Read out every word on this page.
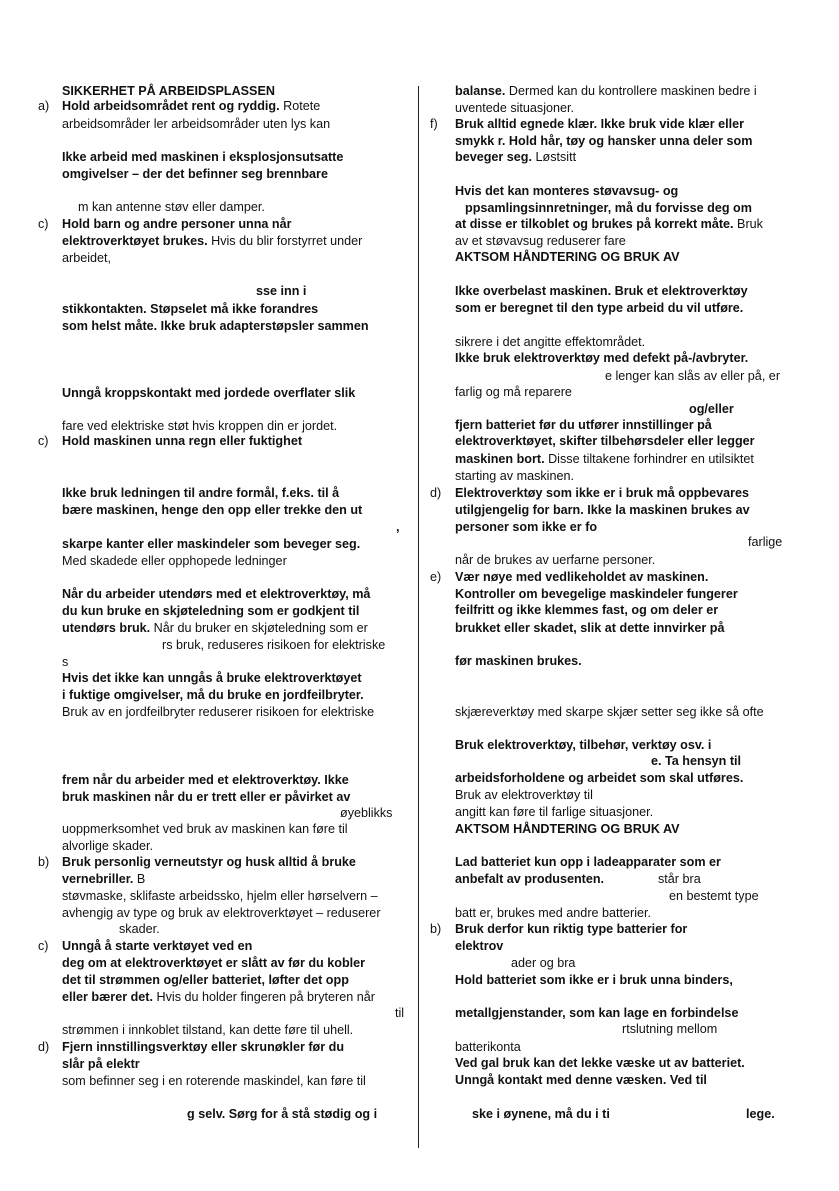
SIKKERHET PÅ ARBEIDSPLASSEN
a) Hold arbeidsområdet rent og ryddig. Rotete
arbeidsområder ler arbeidsområder uten lys kan
Ikke arbeid med maskinen i eksplosjonsutsatte
omgivelser – der det befinner seg brennbare
m kan antenne støv eller damper.
c) Hold barn og andre personer unna når
elektroverktøyet brukes. Hvis du blir forstyrret under
arbeidet,
sse inn i
stikkontakten. Støpselet må ikke forandres
som helst måte. Ikke bruk adapterstøpsler sammen
Unngå kroppskontakt med jordede overflater slik
fare ved elektriske støt hvis kroppen din er jordet.
c) Hold maskinen unna regn eller fuktighet
Ikke bruk ledningen til andre formål, f.eks. til å
bære maskinen, henge den opp eller trekke den ut
,
skarpe kanter eller maskindeler som beveger seg.
Med skadede eller opphopede ledninger
Når du arbeider utendørs med et elektroverktøy, må
du kun bruke en skjøteledning som er godkjent til
utendørs bruk. Når du bruker en skjøteledning som er
rs bruk, reduseres risikoen for elektriske
s
Hvis det ikke kan unngås å bruke elektroverktøyet
i fuktige omgivelser, må du bruke en jordfeilbryter.
Bruk av en jordfeilbryter reduserer risikoen for elektriske
frem når du arbeider med et elektroverktøy. Ikke
bruk maskinen når du er trett eller er påvirket av
øyeblikks
uoppmerksomhet ved bruk av maskinen kan føre til
alvorlige skader.
b) Bruk personlig verneutstyr og husk alltid å bruke
vernebriller. B
støvmaske, sklifaste arbeidssko, hjelm eller hørselvern –
avhengig av type og bruk av elektroverktøyet – reduserer
skader.
c) Unngå å starte verktøyet ved en
deg om at elektroverktøyet er slått av før du kobler
det til strømmen og/eller batteriet, løfter det opp
eller bærer det. Hvis du holder fingeren på bryteren når
til
strømmen i innkoblet tilstand, kan dette føre til uhell.
d) Fjern innstillingsverktøy eller skrunøkler før du
slår på elektr
som befinner seg i en roterende maskindel, kan føre til
g selv. Sørg for å stå stødig og i
balanse. Dermed kan du kontrollere maskinen bedre i
uventede situasjoner.
f) Bruk alltid egnede klær. Ikke bruk vide klær eller
smykk r. Hold hår, tøy og hansker unna deler som
beveger seg. Løstsitt
Hvis det kan monteres støvavsug- og
ppsamlingsinnretninger, må du forvisse deg om
at disse er tilkoblet og brukes på korrekt måte. Bruk
av et støvavsug reduserer fare
AKTSOM HÅNDTERING OG BRUK AV
Ikke overbelast maskinen. Bruk et elektroverktøy
som er beregnet til den type arbeid du vil utføre.
sikrere i det angitte effektområdet.
Ikke bruk elektroverktøy med defekt på-/avbryter.
e lenger kan slås av eller på, er
farlig og må reparere
og/eller
fjern batteriet før du utfører innstillinger på
elektroverktøyet, skifter tilbehørsdeler eller legger
maskinen bort. Disse tiltakene forhindrer en utilsiktet
starting av maskinen.
d) Elektroverktøy som ikke er i bruk må oppbevares
utilgjengelig for barn. Ikke la maskinen brukes av
personer som ikke er fo
farlige
når de brukes av uerfarne personer.
e) Vær nøye med vedlikeholdet av maskinen.
Kontroller om bevegelige maskindeler fungerer
feilfritt og ikke klemmes fast, og om deler er
brukket eller skadet, slik at dette innvirker på
før maskinen brukes.
skjæreverktøy med skarpe skjær setter seg ikke så ofte
Bruk elektroverktøy, tilbehør, verktøy osv. i
e. Ta hensyn til
arbeidsforholdene og arbeidet som skal utføres.
Bruk av elektroverktøy til
angitt kan føre til farlige situasjoner.
AKTSOM HÅNDTERING OG BRUK AV
Lad batteriet kun opp i ladeapparater som er
anbefalt av produsenten.	står bra
en bestemt type
batt er, brukes med andre batterier.
b) Bruk derfor kun riktig type batterier for
elektrov
ader og bra
Hold batteriet som ikke er i bruk unna binders,
metallgjenstander, som kan lage en forbindelse
rtslutning mellom
batterikonta
Ved gal bruk kan det lekke væske ut av batteriet.
Unngå kontakt med denne væsken. Ved til
ske i øynene, må du i ti	lege.
